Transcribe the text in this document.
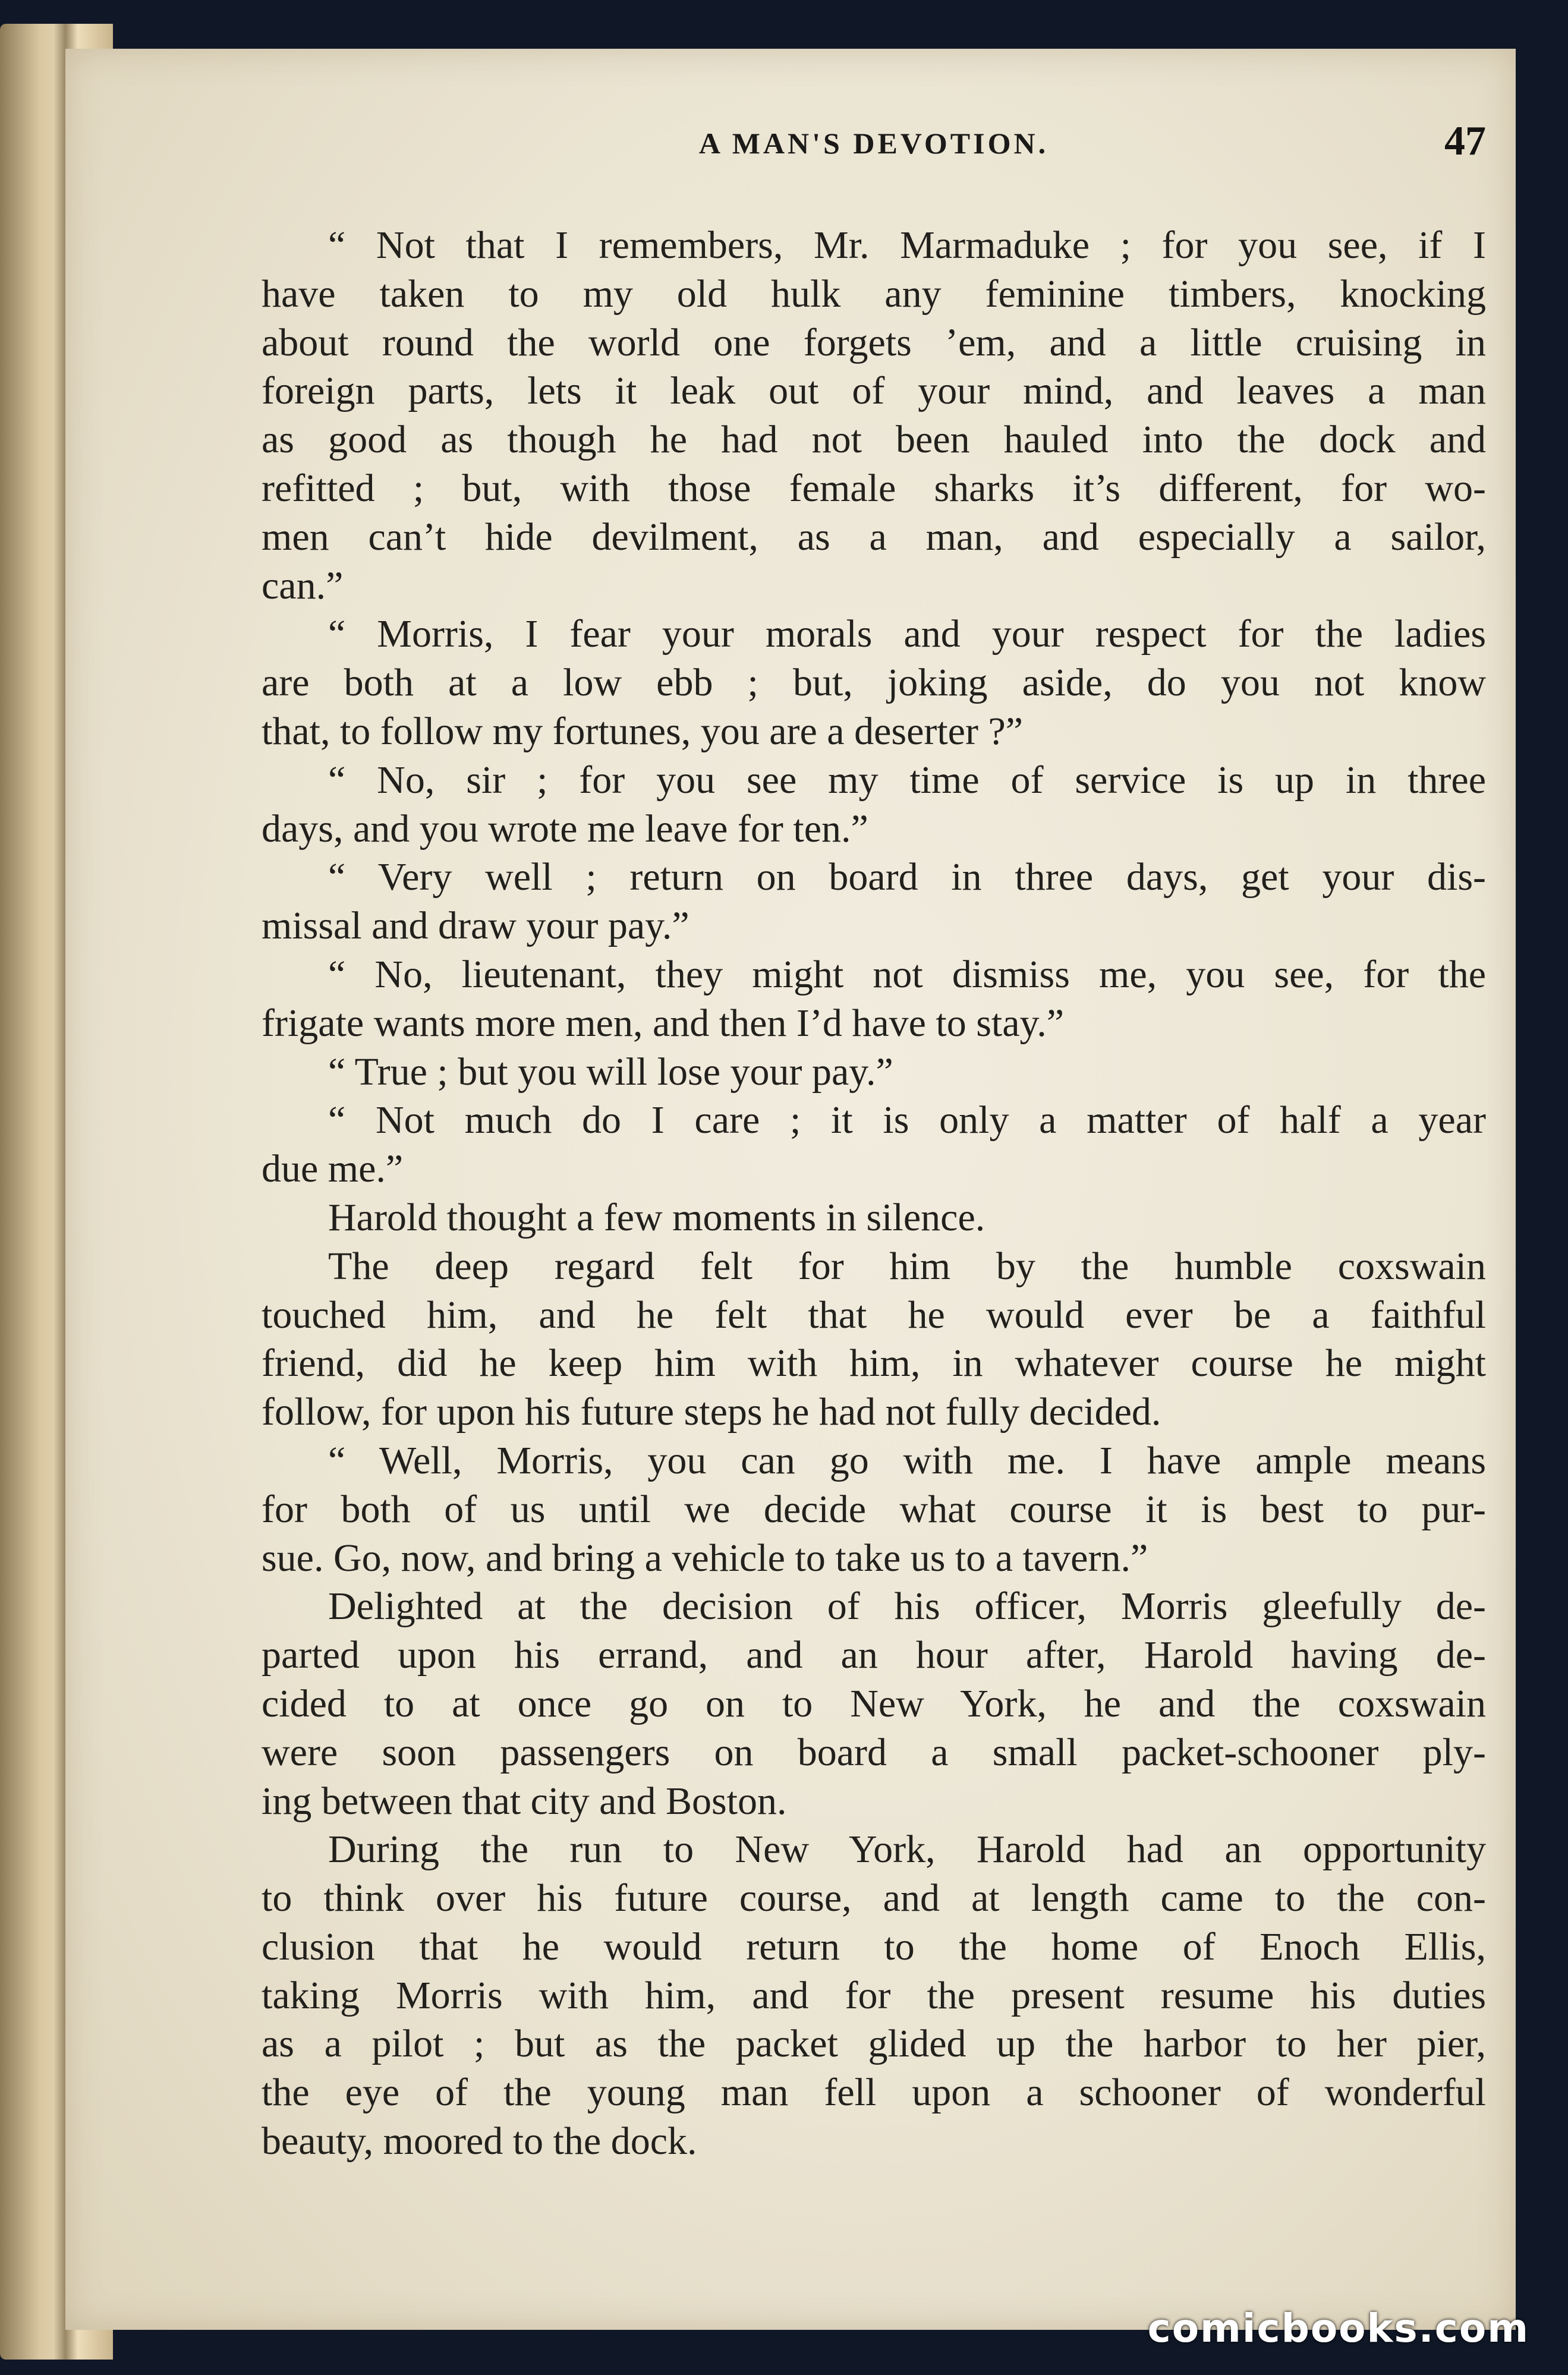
A MAN'S DEVOTION.	47
“ Not that I remembers, Mr. Marmaduke ; for you see, if I
have taken to my old hulk any feminine timbers, knocking
about round the world one forgets ’em, and a little cruising in
foreign parts, lets it leak out of your mind, and leaves a man
as good as though he had not been hauled into the dock and
refitted ; but, with those female sharks it’s different, for wo-
men can’t hide devilment, as a man, and especially a sailor,
can.”
“ Morris, I fear your morals and your respect for the ladies
are both at a low ebb ; but, joking aside, do you not know
that, to follow my fortunes, you are a deserter ?”
“ No, sir ; for you see my time of service is up in three
days, and you wrote me leave for ten.”
“ Very well ; return on board in three days, get your dis-
missal and draw your pay.”
“ No, lieutenant, they might not dismiss me, you see, for the
frigate wants more men, and then I’d have to stay.”
“ True ; but you will lose your pay.”
“ Not much do I care ; it is only a matter of half a year
due me.”
Harold thought a few moments in silence.
The deep regard felt for him by the humble coxswain
touched him, and he felt that he would ever be a faithful
friend, did he keep him with him, in whatever course he might
follow, for upon his future steps he had not fully decided.
“ Well, Morris, you can go with me. I have ample means
for both of us until we decide what course it is best to pur-
sue. Go, now, and bring a vehicle to take us to a tavern.”
Delighted at the decision of his officer, Morris gleefully de-
parted upon his errand, and an hour after, Harold having de-
cided to at once go on to New York, he and the coxswain
were soon passengers on board a small packet-schooner ply-
ing between that city and Boston.
During the run to New York, Harold had an opportunity
to think over his future course, and at length came to the con-
clusion that he would return to the home of Enoch Ellis,
taking Morris with him, and for the present resume his duties
as a pilot ; but as the packet glided up the harbor to her pier,
the eye of the young man fell upon a schooner of wonderful
beauty, moored to the dock.
comicbooks.com
